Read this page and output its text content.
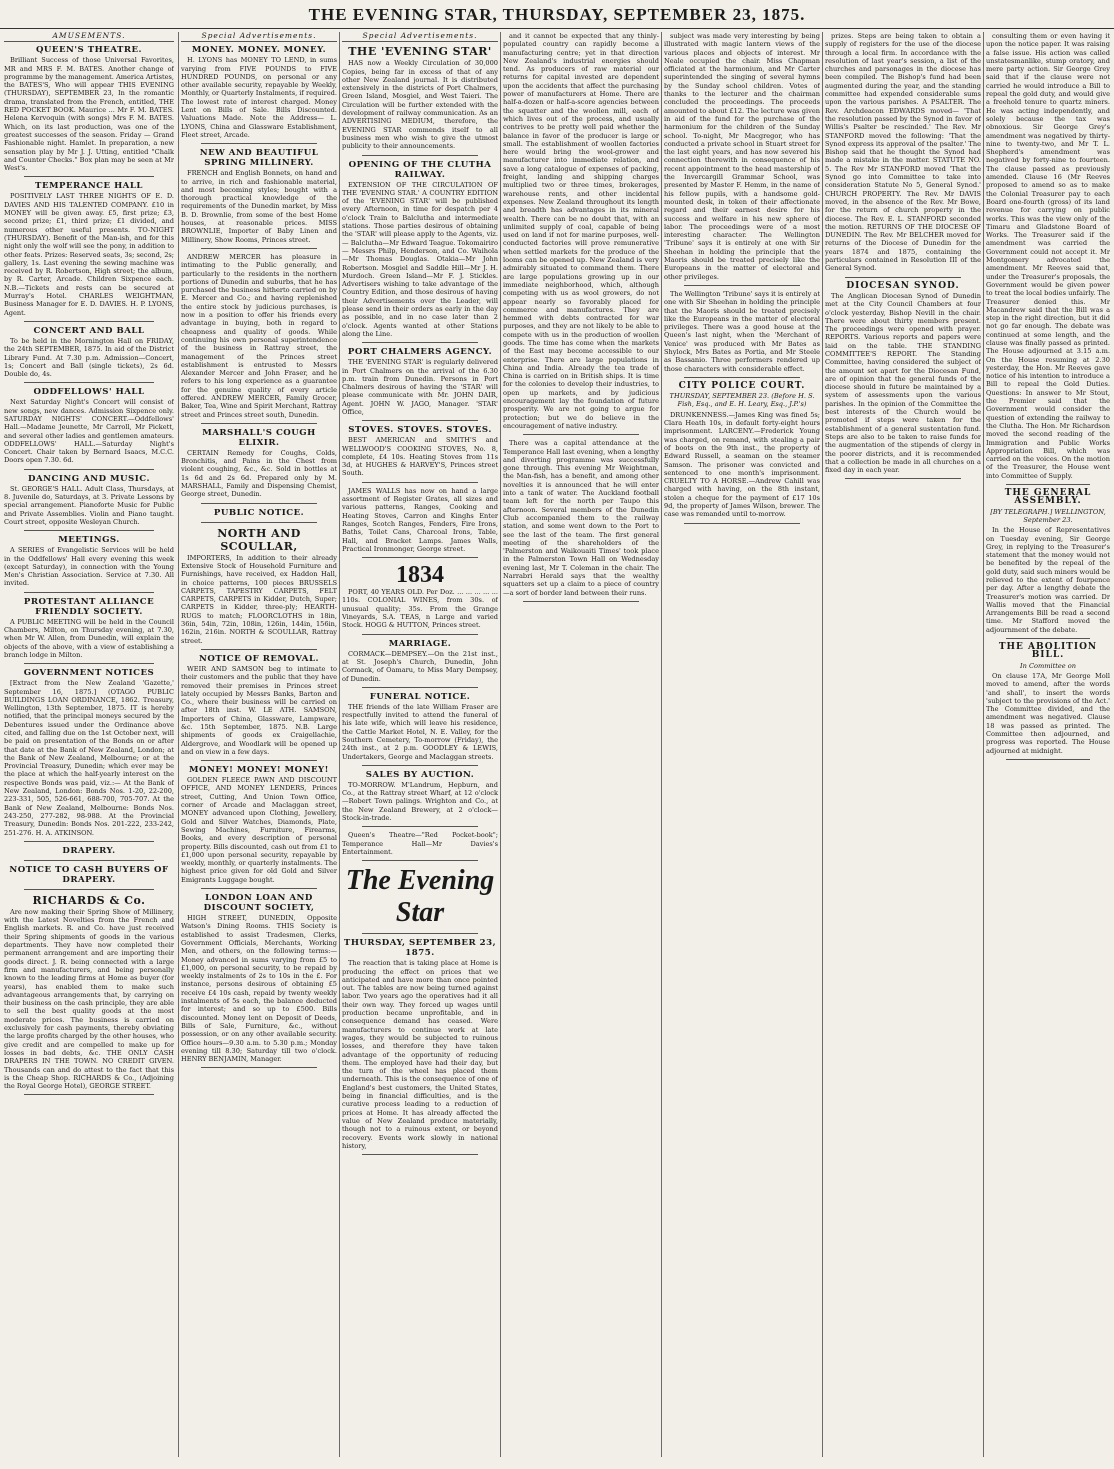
THE EVENING STAR, THURSDAY, SEPTEMBER 23, 1875.
AMUSEMENTS.
QUEEN'S THEATRE.
Brilliant Success of those Universal Favorites, MR and MRS F. M. BATES. Another change of programme by the management. America Artistes, the BATES'S, Who will appear THIS EVENING (THURSDAY), SEPTEMBER 23, In the romantic drama, translated from the French, entitled, THE RED POCKET BOOK. Maurice ... Mr F. M. BATES. Helena Kervoquin (with songs) Mrs F. M. BATES. Which, on its last production, was one of the greatest successes of the season. Friday — Grand Fashionable night. Hamlet. In preparation, a new sensation play by Mr J. J. Utting, entitled "Chalk and Counter Checks." Box plan may be seen at Mr West's.
TEMPERANCE HALL
POSITIVELY LAST THREE NIGHTS OF E. D. DAVIES AND HIS TALENTED COMPANY. £10 in MONEY will be given away. £5, first prize; £3, second prize; £1, third prize; £1 divided, and numerous other useful presents. TO-NIGHT (THURSDAY). Benefit of the Man-ish, and for this night only the wolf will see the pony, in addition to other feats. Prizes: Reserved seats, 3s; second, 2s; gallery, 1s. Last evening the sewing machine was received by R. Robertson, High street; the album, by R. Carter, Arcade. Children Sixpence each. N.B.—Tickets and rests can be secured at Murray's Hotel. CHARLES WEIGHTMAN, Business Manager for E. D. DAVIES. H. P. LYONS, Agent.
CONCERT AND BALL
To be held in the Mornington Hall on FRIDAY, the 24th SEPTEMBER, 1875. In aid of the District Library Fund. At 7.30 p.m. Admission—Concert, 1s; Concert and Ball (single tickets), 2s 6d. Double do, 4s.
ODDFELLOWS' HALL
Next Saturday Night's Concert will consist of new songs, new dances. Admission Sixpence only. SATURDAY NIGHTS' CONCERT.—Oddfellows' Hall.—Madame Jeunette, Mr Carroll, Mr Pickett, and several other ladies and gentlemen amateurs. ODDFELLOWS' HALL.—Saturday Night's Concert. Chair taken by Bernard Isaacs, M.C.C. Doors open 7.30. 6d.
DANCING AND MUSIC.
St. GEORGE'S HALL. Adult Class, Thursdays, at 8. Juvenile do, Saturdays, at 3. Private Lessons by special arrangement. Pianoforte Music for Public and Private Assemblies. Violin and Piano taught. Court street, opposite Wesleyan Church.
MEETINGS.
A SERIES of Evangelistic Services will be held in the Oddfellows' Hall every evening this week (except Saturday), in connection with the Young Men's Christian Association. Service at 7.30. All invited.
PROTESTANT ALLIANCE FRIENDLY SOCIETY.
A PUBLIC MEETING will be held in the Council Chambers, Milton, on Thursday evening, at 7.30, when Mr W. Allen, from Dunedin, will explain the objects of the above, with a view of establishing a branch lodge in Milton.
GOVERNMENT NOTICES
[Extract from the New Zealand 'Gazette,' September 16, 1875.] (OTAGO PUBLIC BUILDINGS LOAN ORDINANCE, 1862. Treasury, Wellington, 13th September, 1875. IT is hereby notified, that the principal moneys secured by the Debentures issued under the Ordinance above cited, and falling due on the 1st October next, will be paid on presentation of the Bonds on or after that date at the Bank of New Zealand, London; at the Bank of New Zealand, Melbourne; or at the Provincial Treasury, Dunedin; which ever may be the place at which the half-yearly interest on the respective Bonds was paid, viz.:— At the Bank of New Zealand, London: Bonds Nos. 1-20, 22-200, 223-331, 505, 526-661, 688-700, 705-707. At the Bank of New Zealand, Melbourne: Bonds Nos. 243-250, 277-282, 98-988. At the Provincial Treasury, Dunedin: Bonds Nos. 201-222, 233-242, 251-276. H. A. ATKINSON.
DRAPERY.
NOTICE TO CASH BUYERS OF DRAPERY.
RICHARDS & Co.
Are now making their Spring Show of Millinery, with the Latest Novelties from the French and English markets. R. and Co. have just received their Spring shipments of goods in the various departments. They have now completed their permanent arrangement and are importing their goods direct. J. R. being connected with a large firm and manufacturers, and being personally known to the leading firms at Home as buyer (for years), has enabled them to make such advantageous arrangements that, by carrying on their business on the cash principle, they are able to sell the best quality goods at the most moderate prices. The business is carried on exclusively for cash payments, thereby obviating the large profits charged by the other houses, who give credit and are compelled to make up for losses in bad debts, &c. THE ONLY CASH DRAPERS IN THE TOWN. NO CREDIT GIVEN. Thousands can and do attest to the fact that this is the Cheap Shop. RICHARDS & Co., (Adjoining the Royal George Hotel), GEORGE STREET.
Special Advertisements.
MONEY. MONEY. MONEY.
H. LYONS has MONEY TO LEND, in sums varying from FIVE POUNDS to FIVE HUNDRED POUNDS, on personal or any other available security, repayable by Weekly, Monthly, or Quarterly Instalments, if required. The lowest rate of interest charged. Money Lent on Bills of Sale. Bills Discounted. Valuations Made. Note the Address— L. LYONS, China and Glassware Establishment, Fleet street, Arcade.
NEW AND BEAUTIFUL SPRING MILLINERY.
FRENCH and English Bonnets, on hand and to arrive, in rich and fashionable material, and most becoming styles; bought with a thorough practical knowledge of the requirements of the Dunedin market, by Miss B. D. Brownlie, from some of the best Home houses, at reasonable prices. MISS BROWNLIE, Importer of Baby Linen and Millinery, Show Rooms, Princes street.
ANDREW MERCER has pleasure in intimating to the Public generally, and particularly to the residents in the northern portions of Dunedin and suburbs, that he has purchased the business hitherto carried on by E. Mercer and Co.; and having replenished the entire stock by judicious purchases, is now in a position to offer his friends every advantage in buying, both in regard to cheapness and quality of goods. While continuing his own personal superintendence of the business in Rattray street, the management of the Princes street establishment is entrusted to Messrs Alexander Mercer and John Fraser, and he refers to his long experience as a guarantee for the genuine quality of every article offered. ANDREW MERCER, Family Grocer, Baker, Tea, Wine and Spirit Merchant, Rattray street and Princes street south, Dunedin.
MARSHALL'S COUGH ELIXIR.
CERTAIN Remedy for Coughs, Colds, Bronchitis, and Pains in the Chest from violent coughing, &c., &c. Sold in bottles at 1s 6d and 2s 6d. Prepared only by M. MARSHALL, Family and Dispensing Chemist, George street, Dunedin.
PUBLIC NOTICE.
NORTH AND SCOULLAR,
IMPORTERS, In addition to their already Extensive Stock of Household Furniture and Furnishings, have received, ex Haddon Hall, in choice patterns, 100 pieces BRUSSELS CARPETS, TAPESTRY CARPETS, FELT CARPETS, CARPETS in Kidder, Dutch, Super; CARPETS in Kidder, three-ply; HEARTH-RUGS to match; FLOORCLOTHS in 18in, 36in, 54in, 72in, 108in, 126in, 144in, 156in, 162in, 216in. NORTH & SCOULLAR, Rattray street.
NOTICE OF REMOVAL.
WEIR AND SAMSON beg to intimate to their customers and the public that they have removed their premises in Princes street lately occupied by Messrs Banks, Barton and Co., where their business will be carried on after 18th inst. W. LE ATH. SAMSON, Importers of China, Glassware, Lampware, &c. 15th September, 1875. N.B. Large shipments of goods ex Craigellachie, Aldergrove, and Woodlark will be opened up and on view in a few days.
MONEY! MONEY! MONEY!
GOLDEN FLEECE PAWN AND DISCOUNT OFFICE, AND MONEY LENDERS, Princes street, Cutting, And Union Town Office, corner of Arcade and Maclaggan street, MONEY advanced upon Clothing, Jewellery, Gold and Silver Watches, Diamonds, Plate, Sewing Machines, Furniture, Firearms, Books, and every description of personal property. Bills discounted, cash out from £1 to £1,000 upon personal security, repayable by weekly, monthly, or quarterly instalments. The highest price given for old Gold and Silver Emigrants Luggage bought.
LONDON LOAN AND DISCOUNT SOCIETY,
HIGH STREET, DUNEDIN, Opposite Watson's Dining Rooms. THIS Society is established to assist Tradesmen, Clerks, Government Officials, Merchants, Working Men, and others, on the following terms:— Money advanced in sums varying from £5 to £1,000, on personal security, to be repaid by weekly instalments of 2s to 10s in the £. For instance, persons desirous of obtaining £5 receive £4 10s cash, repaid by twenty weekly instalments of 5s each, the balance deducted for interest; and so up to £500. Bills discounted. Money lent on Deposit of Deeds, Bills of Sale, Furniture, &c., without possession, or on any other available security. Office hours—9.30 a.m. to 5.30 p.m.; Monday evening till 8.30; Saturday till two o'clock. HENRY BENJAMIN, Manager.
Special Advertisements.
THE 'EVENING STAR'
HAS now a Weekly Circulation of 30,000 Copies, being far in excess of that of any other New Zealand journal. It is distributed extensively in the districts of Port Chalmers, Green Island, Mosgiel, and West Taieri. The Circulation will be further extended with the development of railway communication. As an ADVERTISING MEDIUM, therefore, the EVENING STAR commends itself to all business men who wish to give the utmost publicity to their announcements.
OPENING OF THE CLUTHA RAILWAY.
EXTENSION OF THE CIRCULATION OF THE 'EVENING STAR.' A COUNTRY EDITION of the 'EVENING STAR' will be published every Afternoon, in time for despatch per 4 o'clock Train to Balclutha and intermediate stations. Those parties desirous of obtaining the 'STAR' will please apply to the Agents, viz.— Balclutha—Mr Edward Teague. Tokomairiro — Messrs Philp, Henderson, and Co. Waihola—Mr Thomas Douglas. Otakia—Mr John Robertson. Mosgiel and Saddle Hill—Mr J. H. Murdoch. Green Island—Mr F. J. Stickles. Advertisers wishing to take advantage of the Country Edition, and those desirous of having their Advertisements over the Leader, will please send in their orders as early in the day as possible, and in no case later than 2 o'clock. Agents wanted at other Stations along the Line.
PORT CHALMERS AGENCY.
THE 'EVENING STAR' is regularly delivered in Port Chalmers on the arrival of the 6.30 p.m. train from Dunedin. Persons in Port Chalmers desirous of having the 'STAR' will please communicate with Mr. JOHN DAIR, Agent. JOHN W. JAGO, Manager. 'STAR' Office,
STOVES. STOVES. STOVES.
BEST AMERICAN and SMITH'S and WELLWOOD'S COOKING STOVES, No. 8, complete, £4 10s. Heating Stoves from 11s 3d, at HUGHES & HARVEY'S, Princes street South.
JAMES WALLS has now on hand a large assortment of Register Grates, all sizes and various patterns, Ranges, Cooking and Heating Stoves, Carron and Kinghs Enter Ranges, Scotch Ranges, Fenders, Fire Irons, Baths, Toilet Cans, Charcoal Irons, Table, Hall, and Bracket Lamps. James Walls, Practical Ironmonger, George street.
1834
PORT, 40 YEARS OLD. Per Doz. ... ... ... ... ... 110s. COLONIAL WINES, from 30s. of unusual quality; 35s. From the Grange Vineyards, S.A. TEAS, n Large and varied Stock. HOGG & HUTTON, Princes street.
MARRIAGE.
CORMACK—DEMPSEY.—On the 21st inst., at St. Joseph's Church, Dunedin, John Cormack, of Oamaru, to Miss Mary Dempsey, of Dunedin.
FUNERAL NOTICE.
THE friends of the late William Fraser are respectfully invited to attend the funeral of his late wife, which will leave his residence, the Cattle Market Hotel, N. E. Valley, for the Southern Cemetery, To-morrow (Friday), the 24th inst., at 2 p.m. GOODLEY & LEWIS, Undertakers, George and Maclaggan streets.
SALES BY AUCTION.
TO-MORROW. M'Landrum, Hepburn, and Co., at the Rattray street Wharf, at 12 o'clock—Robert Town palings. Wrighton and Co., at the New Zealand Brewery, at 2 o'clock—Stock-in-trade.
Queen's Theatre—"Red Pocket-book"; Temperance Hall—Mr Davies's Entertainment.
The Evening Star
THURSDAY, SEPTEMBER 23, 1875.
The reaction that is taking place at Home is producing the effect on prices that we anticipated and have more than once pointed out. The tables are now being turned against labor. Two years ago the operatives had it all their own way. They forced up wages until production became unprofitable, and in consequence demand has ceased. Were manufacturers to continue work at late wages, they would be subjected to ruinous losses, and therefore they have taken advantage of the opportunity of reducing them. The employed have had their day, but the turn of the wheel has placed them underneath. This is the consequence of one of England's best customers, the United States, being in financial difficulties, and is the curative process leading to a reduction of prices at Home. It has already affected the value of New Zealand produce materially, though not to a ruinous extent, or beyond recovery. Events work slowly in national history,
and it cannot be expected that any thinly-populated country can rapidly become a manufacturing centre; yet in that direction New Zealand's industrial energies should tend. As producers of raw material our returns for capital invested are dependent upon the accidents that affect the purchasing power of manufacturers at Home. There are half-a-dozen or half-a-score agencies between the squatter and the woollen mill, each of which lives out of the process, and usually contrives to be pretty well paid whether the balance in favor of the producer is large or small. The establishment of woollen factories here would bring the wool-grower and manufacturer into immediate relation, and save a long catalogue of expenses of packing, freight, landing and shipping charges multiplied two or three times, brokerages, warehouse rents, and other incidental expenses. New Zealand throughout its length and breadth has advantages in its mineral wealth. There can be no doubt that, with an unlimited supply of coal, capable of being used on land if not for marine purposes, well-conducted factories will prove remunerative when settled markets for the produce of the looms can be opened up. New Zealand is very admirably situated to command them. There are large populations growing up in our immediate neighborhood, which, although competing with us as wool growers, do not appear nearly so favorably placed for commerce and manufactures. They are hemmed with debts contracted for war purposes, and they are not likely to be able to compete with us in the production of woollen goods. The time has come when the markets of the East may become accessible to our enterprise. There are large populations in China and India. Already the tea trade of China is carried on in British ships. It is time for the colonies to develop their industries, to open up markets, and by judicious encouragement lay the foundation of future prosperity. We are not going to argue for protection; but we do believe in the encouragement of native industry.
There was a capital attendance at the Temperance Hall last evening, when a lengthy and diverting programme was successfully gone through. This evening Mr Weightman, the Man-fish, has a benefit, and among other novelties it is announced that he will enter into a tank of water. The Auckland football team left for the north per Taupo this afternoon. Several members of the Dunedin Club accompanied them to the railway station, and some went down to the Port to see the last of the team. The first general meeting of the shareholders of the 'Palmerston and Waikouaiti Times' took place in the Palmerston Town Hall on Wednesday evening last, Mr T. Coleman in the chair. The Narrabri Herald says that the wealthy squatters set up a claim to a piece of country—a sort of border land between their runs.
subject was made very interesting by being illustrated with magic lantern views of the various places and objects of interest. Mr Neale occupied the chair. Miss Chapman officiated at the harmonium, and Mr Carter superintended the singing of several hymns by the Sunday school children. Votes of thanks to the lecturer and the chairman concluded the proceedings. The proceeds amounted to about £12. The lecture was given in aid of the fund for the purchase of the harmonium for the children of the Sunday school. To-night, Mr Macgregor, who has conducted a private school in Stuart street for the last eight years, and has now severed his connection therewith in consequence of his recent appointment to the head mastership of the Invercargill Grammar School, was presented by Master F. Hemm, in the name of his fellow pupils, with a handsome gold-mounted desk, in token of their affectionate regard and their earnest desire for his success and welfare in his new sphere of labor. The proceedings were of a most interesting character. The Wellington 'Tribune' says it is entirely at one with Sir Sheehan in holding the principle that the Maoris should be treated precisely like the Europeans in the matter of electoral and other privileges.
The Wellington 'Tribune' says it is entirely at one with Sir Sheehan in holding the principle that the Maoris should be treated precisely like the Europeans in the matter of electoral privileges. There was a good house at the Queen's last night, when the 'Merchant of Venice' was produced with Mr Bates as Shylock, Mrs Bates as Portia, and Mr Steele as Bassanio. Three performers rendered up those characters with considerable effect.
CITY POLICE COURT.
THURSDAY, SEPTEMBER 23. (Before H. S. Fish, Esq., and E. H. Leary, Esq., J.P.'s)
DRUNKENNESS.—James King was fined 5s; Clara Heath 10s, in default forty-eight hours imprisonment. LARCENY.—Frederick Young was charged, on remand, with stealing a pair of boots on the 9th inst., the property of Edward Russell, a seaman on the steamer Samson. The prisoner was convicted and sentenced to one month's imprisonment. CRUELTY TO A HORSE.—Andrew Cahill was charged with having, on the 8th instant, stolen a cheque for the payment of £17 10s 9d, the property of James Wilson, brewer. The case was remanded until to-morrow.
prizes. Steps are being taken to obtain a supply of registers for the use of the diocese through a local firm. In accordance with the resolution of last year's session, a list of the churches and parsonages in the diocese has been compiled. The Bishop's fund had been augmented during the year, and the standing committee had expended considerable sums upon the various parishes. A PSALTER. The Rev. Archdeacon EDWARDS moved— 'That the resolution passed by the Synod in favor of Willis's Psalter be rescinded.' The Rev. Mr STANFORD moved the following: 'That the Synod express its approval of the psalter.' The Bishop said that he thought the Synod had made a mistake in the matter. STATUTE NO. 5. The Rev Mr STANFORD moved 'That the Synod go into Committee to take into consideration Statute No 5, General Synod.' CHURCH PROPERTY. The Rev. Mr DAVIS moved, in the absence of the Rev. Mr Bowe, for the return of church property in the diocese. The Rev. E. L. STANFORD seconded the motion. RETURNS OF THE DIOCESE OF DUNEDIN. The Rev. Mr BELCHER moved for returns of the Diocese of Dunedin for the years 1874 and 1875, containing the particulars contained in Resolution III of the General Synod.
DIOCESAN SYNOD.
The Anglican Diocesan Synod of Dunedin met at the City Council Chambers at four o'clock yesterday, Bishop Nevill in the chair. There were about thirty members present. The proceedings were opened with prayer. REPORTS. Various reports and papers were laid on the table. THE STANDING COMMITTEE'S REPORT. The Standing Committee, having considered the subject of the amount set apart for the Diocesan Fund, are of opinion that the general funds of the diocese should in future be maintained by a system of assessments upon the various parishes. In the opinion of the Committee the best interests of the Church would be promoted if steps were taken for the establishment of a general sustentation fund. Steps are also to be taken to raise funds for the augmentation of the stipends of clergy in the poorer districts, and it is recommended that a collection be made in all churches on a fixed day in each year.
consulting them or even having it upon the notice paper. It was raising a false issue. His action was called unstatesmanlike, stump oratory, and mere party action. Sir George Grey said that if the clause were not carried he would introduce a Bill to repeal the gold duty, and would give a freehold tenure to quartz miners. He was acting independently, and solely because the tax was obnoxious. Sir George Grey's amendment was negatived by thirty-nine to twenty-two, and Mr T. L. Shepherd's amendment was negatived by forty-nine to fourteen. The clause passed as previously amended. Clause 16 (Mr Reeves proposed to amend so as to make the Colonial Treasurer pay to each Board one-fourth (gross) of its land revenue for carrying on public works. This was the view only of the Timaru and Gladstone Board of Works. The Treasurer said if the amendment was carried the Government could not accept it. Mr Montgomery advocated the amendment. Mr Reeves said that, under the Treasurer's proposals, the Government would be given power to treat the local bodies unfairly. The Treasurer denied this. Mr Macandrew said that the Bill was a step in the right direction, but it did not go far enough. The debate was continued at some length, and the clause was finally passed as printed. The House adjourned at 3.15 a.m. On the House resuming at 2.30 yesterday, the Hon. Mr Reeves gave notice of his intention to introduce a Bill to repeal the Gold Duties. Questions: In answer to Mr Stout, the Premier said that the Government would consider the question of extending the railway to the Clutha. The Hon. Mr Richardson moved the second reading of the Immigration and Public Works Appropriation Bill, which was carried on the voices. On the motion of the Treasurer, the House went into Committee of Supply.
THE GENERAL ASSEMBLY.
[BY TELEGRAPH.] WELLINGTON, September 23.
In the House of Representatives on Tuesday evening, Sir George Grey, in replying to the Treasurer's statement that the money would not be benefited by the repeal of the gold duty, said such miners would be relieved to the extent of fourpence per day. After a lengthy debate the Treasurer's motion was carried. Dr Wallis moved that the Financial Arrangements Bill be read a second time. Mr Stafford moved the adjournment of the debate.
THE ABOLITION BILL.
In Committee on
On clause 17A, Mr George Moll moved to amend, after the words 'and shall', to insert the words 'subject to the provisions of the Act.' The Committee divided, and the amendment was negatived. Clause 18 was passed as printed. The Committee then adjourned, and progress was reported. The House adjourned at midnight.
